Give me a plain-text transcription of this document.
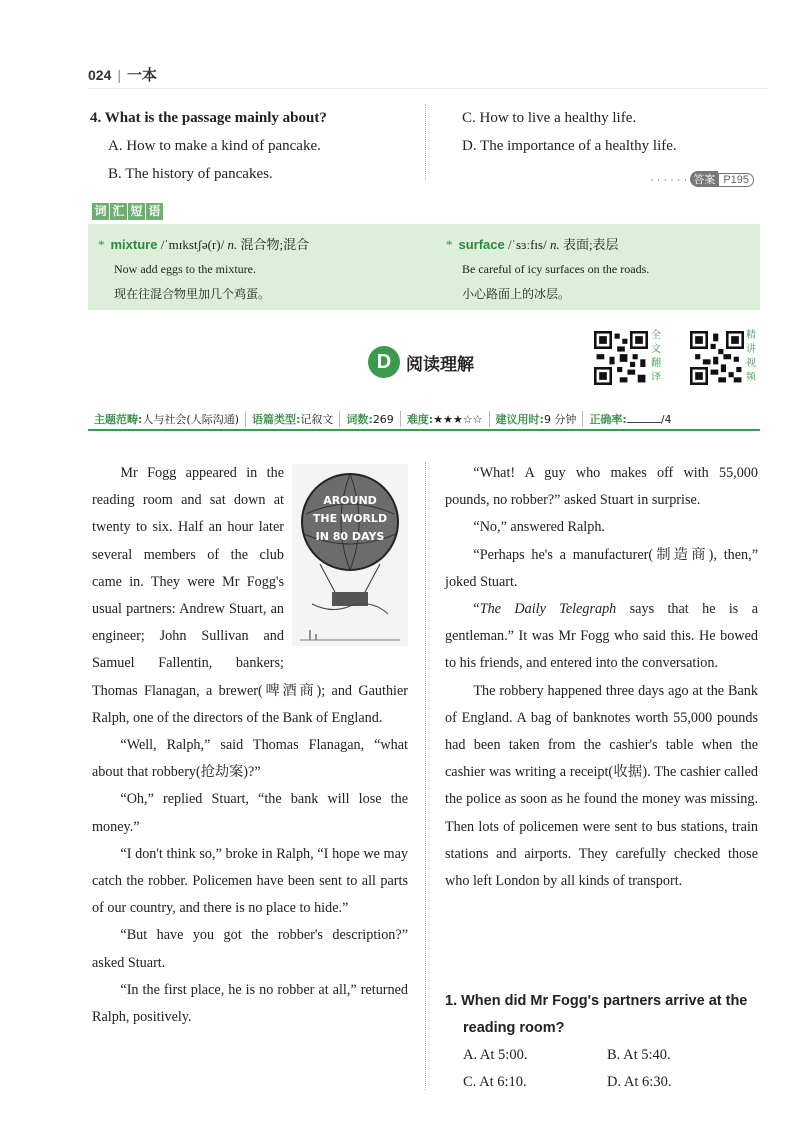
024 | 一本
4. What is the passage mainly about?
A. How to make a kind of pancake.
B. The history of pancakes.
C. How to live a healthy life.
D. The importance of a healthy life.
· · · · · · 答案 P195
词 汇 短 语
* mixture /ˈmɪkstʃə(r)/ n. 混合物;混合
Now add eggs to the mixture.
现在往混合物里加几个鸡蛋。
* surface /ˈsɜːfɪs/ n. 表面;表层
Be careful of icy surfaces on the roads.
小心路面上的冰层。
D 阅读理解
全
文
翻
译
精
讲
视
频
主题范畴:人与社会(人际沟通)	语篇类型:记叙文	词数:269	难度:★★★☆☆	建议用时:9 分钟	正确率:	/4
AROUND
THE WORLD
IN 80 DAYS

Mr Fogg appeared in the reading room and sat down at twenty to six. Half an hour later several members of the club came in. They were Mr Fogg's usual partners: Andrew Stuart, an engineer; John Sullivan and Samuel Fallentin, bankers; Thomas Flanagan, a brewer(啤酒商); and Gauthier Ralph, one of the directors of the Bank of England.

“Well, Ralph,” said Thomas Flanagan, “what about that robbery(抢劫案)?”

“Oh,” replied Stuart, “the bank will lose the money.”

“I don't think so,” broke in Ralph, “I hope we may catch the robber. Policemen have been sent to all parts of our country, and there is no place to hide.”

“But have you got the robber's description?” asked Stuart.

“In the first place, he is no robber at all,” returned Ralph, positively.

“What! A guy who makes off with 55,000 pounds, no robber?” asked Stuart in surprise.

“No,” answered Ralph.

“Perhaps he's a manufacturer(制造商), then,” joked Stuart.

“The Daily Telegraph says that he is a gentleman.” It was Mr Fogg who said this. He bowed to his friends, and entered into the conversation.

The robbery happened three days ago at the Bank of England. A bag of banknotes worth 55,000 pounds had been taken from the cashier's table when the cashier was writing a receipt(收据). The cashier called the police as soon as he found the money was missing. Then lots of policemen were sent to bus stations, train stations and airports. They carefully checked those who left London by all kinds of transport.

1. When did Mr Fogg's partners arrive at the
reading room?
A. At 5:00.	B. At 5:40.
C. At 6:10.	D. At 6:30.
